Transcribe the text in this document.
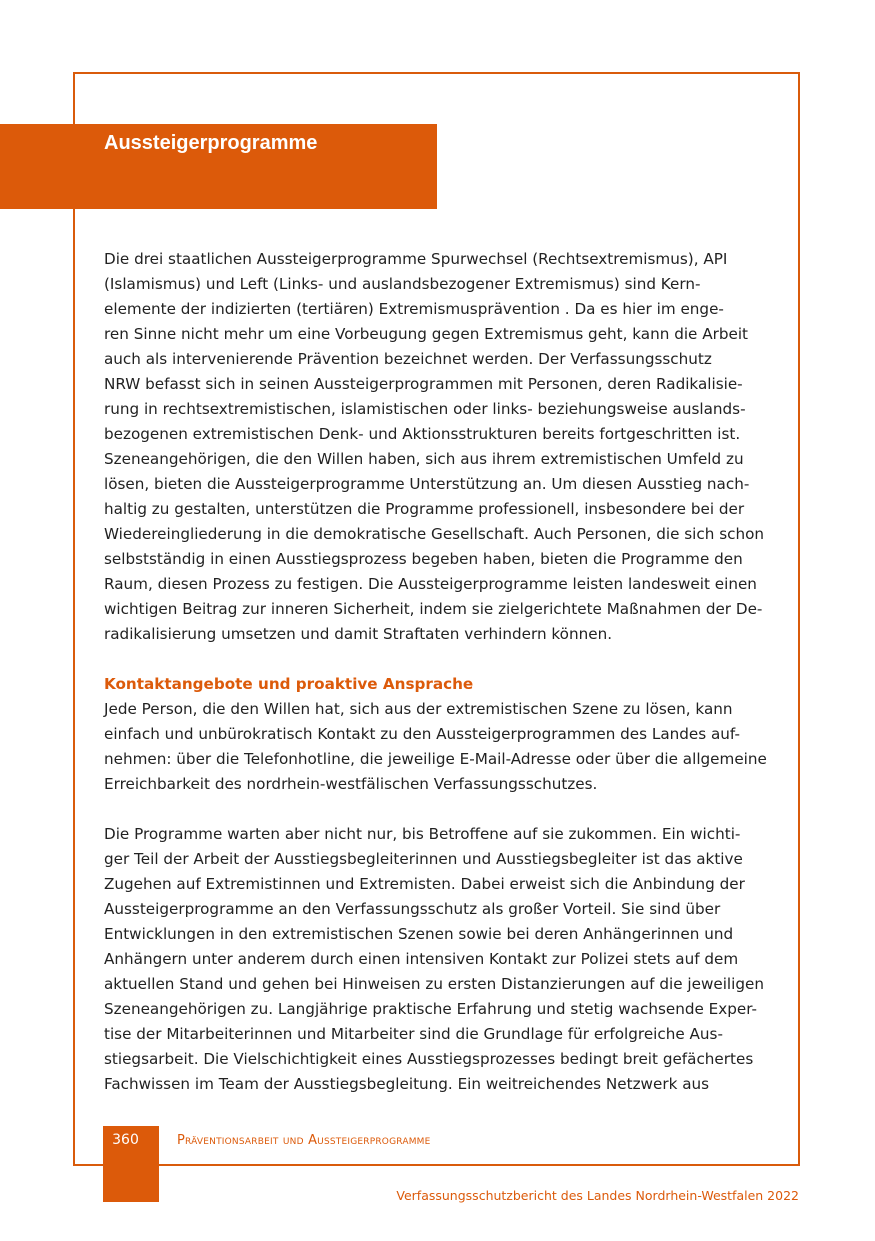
Aussteigerprogramme

Die drei staatlichen Aussteigerprogramme Spurwechsel (Rechtsextremismus), API
(Islamismus) und Left (Links- und auslandsbezogener Extremismus) sind Kern-
elemente der indizierten (tertiären) Extremismusprävention . Da es hier im enge-
ren Sinne nicht mehr um eine Vorbeugung gegen Extremismus geht, kann die Arbeit
auch als intervenierende Prävention bezeichnet werden. Der Verfassungsschutz
NRW befasst sich in seinen Aussteigerprogrammen mit Personen, deren Radikalisie-
rung in rechtsextremistischen, islamistischen oder links- beziehungsweise auslands-
bezogenen extremistischen Denk- und Aktionsstrukturen bereits fortgeschritten ist.
Szeneangehörigen, die den Willen haben, sich aus ihrem extremistischen Umfeld zu
lösen, bieten die Aussteigerprogramme Unterstützung an. Um diesen Ausstieg nach-
haltig zu gestalten, unterstützen die Programme professionell, insbesondere bei der
Wiedereingliederung in die demokratische Gesellschaft. Auch Personen, die sich schon
selbstständig in einen Ausstiegsprozess begeben haben, bieten die Programme den
Raum, diesen Prozess zu festigen. Die Aussteigerprogramme leisten landesweit einen
wichtigen Beitrag zur inneren Sicherheit, indem sie zielgerichtete Maßnahmen der De-
radikalisierung umsetzen und damit Straftaten verhindern können.

Kontaktangebote und proaktive Ansprache

Jede Person, die den Willen hat, sich aus der extremistischen Szene zu lösen, kann
einfach und unbürokratisch Kontakt zu den Aussteigerprogrammen des Landes auf-
nehmen: über die Telefonhotline, die jeweilige E-Mail-Adresse oder über die allgemeine
Erreichbarkeit des nordrhein-westfälischen Verfassungsschutzes.

Die Programme warten aber nicht nur, bis Betroffene auf sie zukommen. Ein wichti-
ger Teil der Arbeit der Ausstiegsbegleiterinnen und Ausstiegsbegleiter ist das aktive
Zugehen auf Extremistinnen und Extremisten. Dabei erweist sich die Anbindung der
Aussteigerprogramme an den Verfassungsschutz als großer Vorteil. Sie sind über
Entwicklungen in den extremistischen Szenen sowie bei deren Anhängerinnen und
Anhängern unter anderem durch einen intensiven Kontakt zur Polizei stets auf dem
aktuellen Stand und gehen bei Hinweisen zu ersten Distanzierungen auf die jeweiligen
Szeneangehörigen zu. Langjährige praktische Erfahrung und stetig wachsende Exper-
tise der Mitarbeiterinnen und Mitarbeiter sind die Grundlage für erfolgreiche Aus-
stiegsarbeit. Die Vielschichtigkeit eines Ausstiegsprozesses bedingt breit gefächertes
Fachwissen im Team der Ausstiegsbegleitung. Ein weitreichendes Netzwerk aus

360	Präventionsarbeit und Aussteigerprogramme
Verfassungsschutzbericht des Landes Nordrhein-Westfalen 2022
